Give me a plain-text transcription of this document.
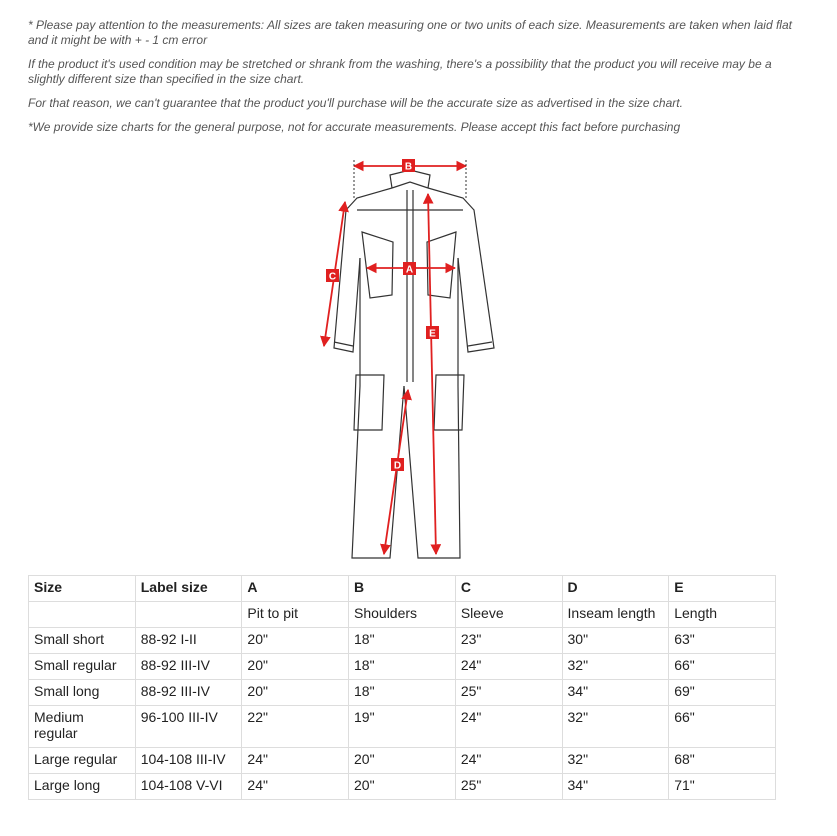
* Please pay attention to the measurements: All sizes are taken measuring one or two units of each size. Measurements are taken when laid flat and it might be with + - 1 cm error

If the product it's used condition may be stretched or shrank from the washing, there's a possibility that the product you will receive may be a slightly different size than specified in the size chart.

For that reason, we can't guarantee that the product you'll purchase will be the accurate size as advertised in the size chart.

*We provide size charts for the general purpose, not for accurate measurements. Please accept this fact before purchasing

B
A
C
E
D
Size	Label size	A	B	C	D	E
		Pit to pit	Shoulders	Sleeve	Inseam length	Length
Small short	88-92 I-II	20"	18"	23"	30"	63"
Small regular	88-92 III-IV	20"	18"	24"	32"	66"
Small long	88-92 III-IV	20"	18"	25"	34"	69"
Medium regular	96-100 III-IV	22"	19"	24"	32"	66"
Large regular	104-108 III-IV	24"	20"	24"	32"	68"
Large long	104-108 V-VI	24"	20"	25"	34"	71"
